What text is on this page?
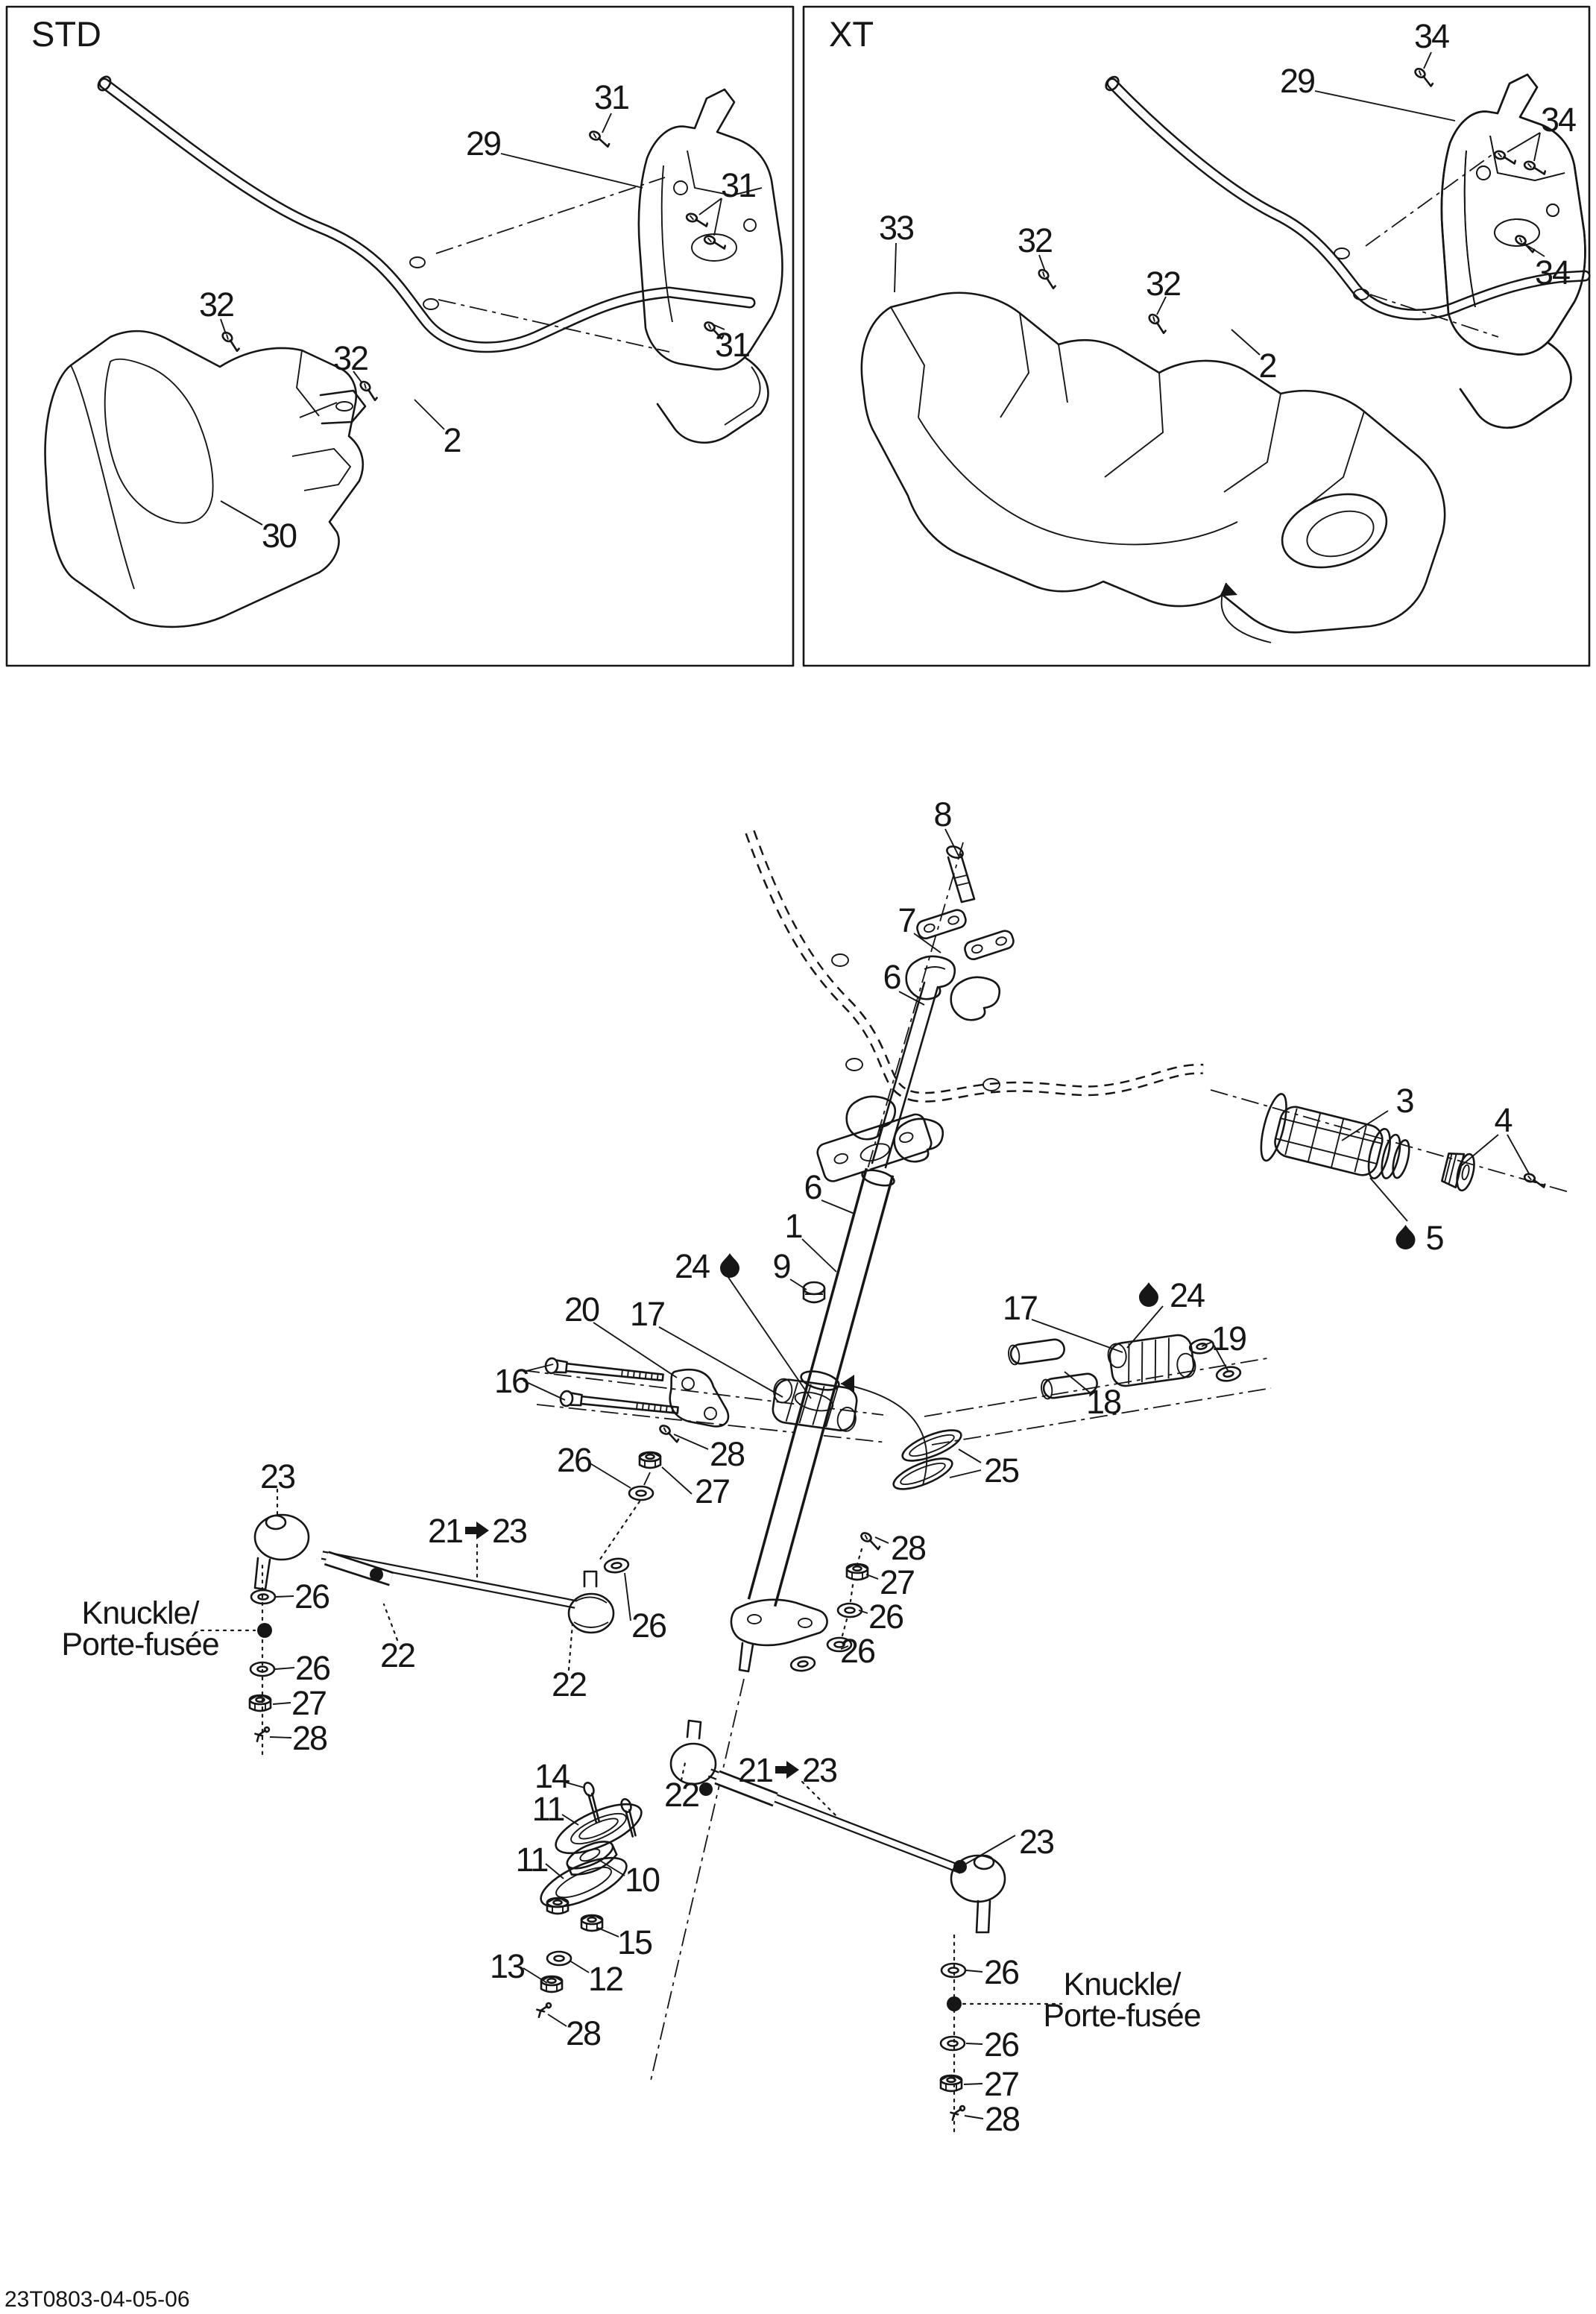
31
29
31
31
32
32
2
30
STD	34
29
34
33	32
32
2
34
XT
8
7
6
3
4
5
6
1
9
24
17
20
16
17	24
19
18
25
26	28
27
28
27
26
26
26
23
26
26
27
28
22
22
14
11
11
10
15
13 12
28
22
23
26
26
27
28
21 23
21 23
Knuckle/
Porte-fusée
Knuckle/
Porte-fusée
23T0803-04-05-06
